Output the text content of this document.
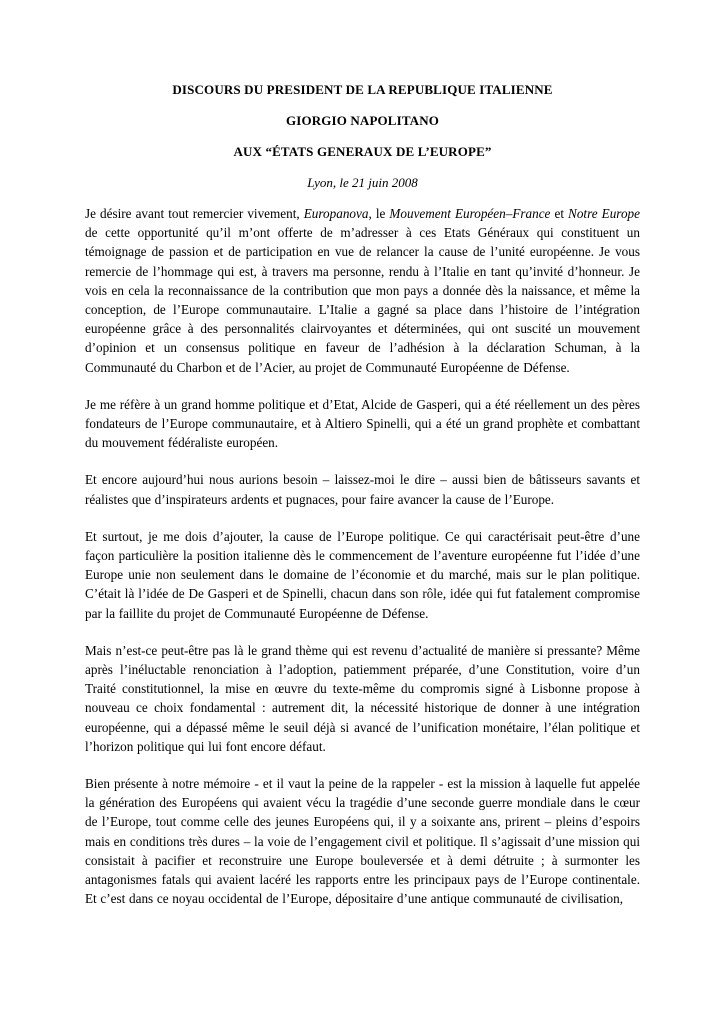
DISCOURS DU PRESIDENT DE LA REPUBLIQUE ITALIENNE

GIORGIO NAPOLITANO

AUX “ÉTATS GENERAUX DE L’EUROPE”

Lyon, le 21 juin 2008

Je désire avant tout remercier vivement, Europanova, le Mouvement Européen–France et Notre Europe de cette opportunité qu’il m’ont offerte de m’adresser à ces Etats Généraux qui constituent un témoignage de passion et de participation en vue de relancer la cause de l’unité européenne. Je vous remercie de l’hommage qui est, à travers ma personne, rendu à l’Italie en tant qu’invité d’honneur. Je vois en cela la reconnaissance de la contribution que mon pays a donnée dès la naissance, et même la conception, de l’Europe communautaire. L’Italie a gagné sa place dans l’histoire de l’intégration européenne grâce à des personnalités clairvoyantes et déterminées, qui ont suscité un mouvement d’opinion et un consensus politique en faveur de l’adhésion à la déclaration Schuman, à la Communauté du Charbon et de l’Acier, au projet de Communauté Européenne de Défense.

Je me réfère à un grand homme politique et d’Etat, Alcide de Gasperi, qui a été réellement un des pères fondateurs de l’Europe communautaire, et à Altiero Spinelli, qui a été un grand prophète et combattant du mouvement fédéraliste européen.

Et encore aujourd’hui nous aurions besoin – laissez-moi le dire – aussi bien de bâtisseurs savants et réalistes que d’inspirateurs ardents et pugnaces, pour faire avancer la cause de l’Europe.

Et surtout, je me dois d’ajouter, la cause de l’Europe politique. Ce qui caractérisait peut-être d’une façon particulière la position italienne dès le commencement de l’aventure européenne fut l’idée d’une Europe unie non seulement dans le domaine de l’économie et du marché, mais sur le plan politique. C’était là l’idée de De Gasperi et de Spinelli, chacun dans son rôle, idée qui fut fatalement compromise par la faillite du projet de Communauté Européenne de Défense.

Mais n’est-ce peut-être pas là le grand thème qui est revenu d’actualité de manière si pressante? Même après l’inéluctable renonciation à l’adoption, patiemment préparée, d’une Constitution, voire d’un Traité constitutionnel, la mise en œuvre du texte-même du compromis signé à Lisbonne propose à nouveau ce choix fondamental : autrement dit, la nécessité historique de donner à une intégration européenne, qui a dépassé même le seuil déjà si avancé de l’unification monétaire, l’élan politique et l’horizon politique qui lui font encore défaut.

Bien présente à notre mémoire - et il vaut la peine de la rappeler - est la mission à laquelle fut appelée la génération des Européens qui avaient vécu la tragédie d’une seconde guerre mondiale dans le cœur de l’Europe, tout comme celle des jeunes Européens qui, il y a soixante ans, prirent – pleins d’espoirs mais en conditions très dures – la voie de l’engagement civil et politique. Il s’agissait d’une mission qui consistait à pacifier et reconstruire une Europe bouleversée et à demi détruite ; à surmonter les antagonismes fatals qui avaient lacéré les rapports entre les principaux pays de l’Europe continentale. Et c’est dans ce noyau occidental de l’Europe, dépositaire d’une antique communauté de civilisation,
